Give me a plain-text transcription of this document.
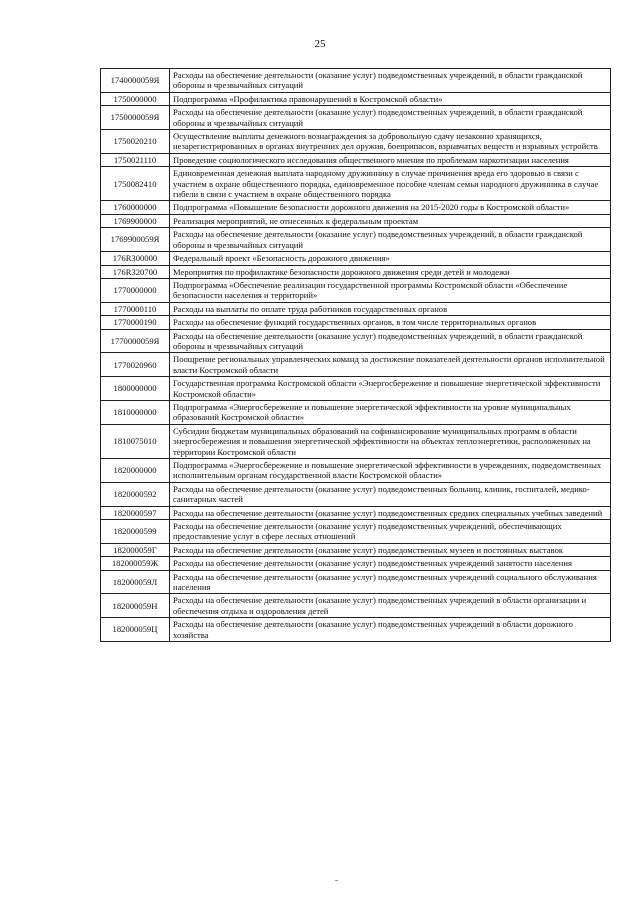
25
1740000059Я	Расходы на обеспечение деятельности (оказание услуг) подведомственных учреждений, в области гражданской обороны и чрезвычайных ситуаций
1750000000	Подпрограмма «Профилактика правонарушений в Костромской области»
1750000059Я	Расходы на обеспечение деятельности (оказание услуг) подведомственных учреждений, в области гражданской обороны и чрезвычайных ситуаций
1750020210	Осуществление выплаты денежного вознаграждения за добровольную сдачу незаконно хранящихся, незарегистрированных в органах внутренних дел оружия, боеприпасов, взрывчатых веществ и взрывных устройств
1750021110	Проведение социологического исследования общественного мнения по проблемам наркотизации населения
1750082410	Единовременная денежная выплата народному дружиннику в случае причинения вреда его здоровью в связи с участием в охране общественного порядка, единовременное пособие членам семьи народного дружинника в случае гибели в связи с участием в охране общественного порядка
1760000000	Подпрограмма «Повышение безопасности дорожного движения на 2015-2020 годы в Костромской области»
1769900000	Реализация мероприятий, не отнесенных к федеральным проектам
1769900059Я	Расходы на обеспечение деятельности (оказание услуг) подведомственных учреждений, в области гражданской обороны и чрезвычайных ситуаций
176R300000	Федеральный проект «Безопасность дорожного движения»
176R320700	Мероприятия по профилактике безопасности дорожного движения среди детей и молодежи
1770000000	Подпрограмма «Обеспечение реализации государственной программы Костромской области «Обеспечение безопасности населения и территорий»
1770000110	Расходы на выплаты по оплате труда работников государственных органов
1770000190	Расходы на обеспечение функций государственных органов, в том числе территориальных органов
1770000059Я	Расходы на обеспечение деятельности (оказание услуг) подведомственных учреждений, в области гражданской обороны и чрезвычайных ситуаций
1770020960	Поощрение региональных управленческих команд за достижение показателей деятельности органов исполнительной власти Костромской области
1800000000	Государственная программа Костромской области «Энергосбережение и повышение энергетической эффективности Костромской области»
1810000000	Подпрограмма «Энергосбережение и повышение энергетической эффективности на уровне муниципальных образований Костромской области»
1810075010	Субсидии бюджетам муниципальных образований на софинансирование муниципальных программ в области энергосбережения и повышения энергетической эффективности на объектах теплоэнергетики, расположенных на территории Костромской области
1820000000	Подпрограмма «Энергосбережение и повышение энергетической эффективности в учреждениях, подведомственных исполнительным органам государственной власти Костромской области»
1820000592	Расходы на обеспечение деятельности (оказание услуг) подведомственных больниц, клиник, госпиталей, медико-санитарных частей
1820000597	Расходы на обеспечение деятельности (оказание услуг) подведомственных средних специальных учебных заведений
1820000599	Расходы на обеспечение деятельности (оказание услуг) подведомственных учреждений, обеспечивающих предоставление услуг в сфере лесных отношений
182000059Г	Расходы на обеспечение деятельности (оказание услуг) подведомственных музеев и постоянных выставок
182000059Ж	Расходы на обеспечение деятельности (оказание услуг) подведомственных учреждений занятости населения
182000059Л	Расходы на обеспечение деятельности (оказание услуг) подведомственных учреждений социального обслуживания населения
182000059Н	Расходы на обеспечение деятельности (оказание услуг) подведомственных учреждений в области организации и обеспечения отдыха и оздоровления детей
182000059Ц	Расходы на обеспечение деятельности (оказание услуг) подведомственных учреждений в области дорожного хозяйства
